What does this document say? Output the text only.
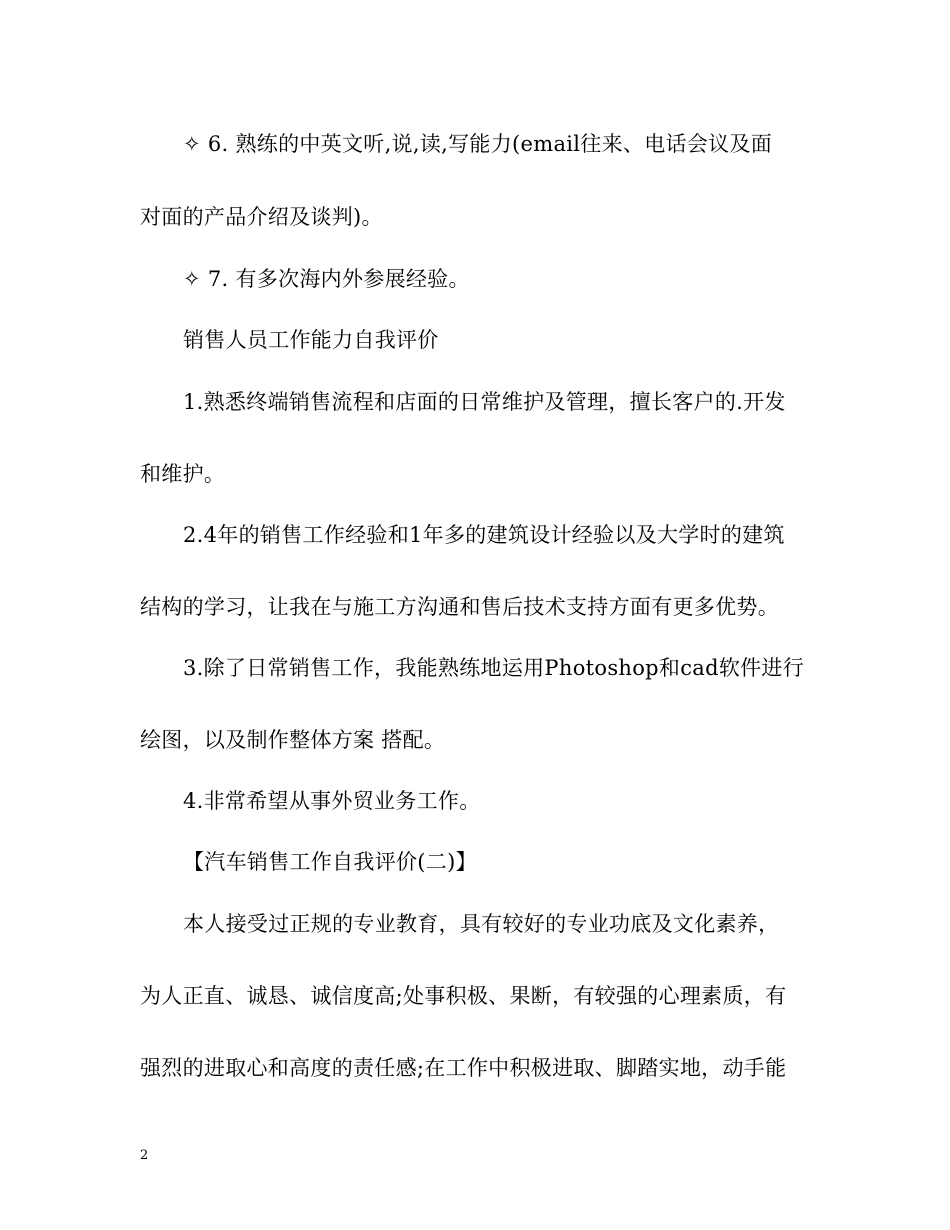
✧ 6. 熟练的中英文听,说,读,写能力(email往来、电话会议及面
对面的产品介绍及谈判)。
✧ 7. 有多次海内外参展经验。
销售人员工作能力自我评价
1.熟悉终端销售流程和店面的日常维护及管理，擅长客户的.开发
和维护。
2.4年的销售工作经验和1年多的建筑设计经验以及大学时的建筑
结构的学习，让我在与施工方沟通和售后技术支持方面有更多优势。
3.除了日常销售工作，我能熟练地运用Photoshop和cad软件进行
绘图，以及制作整体方案 搭配。
4.非常希望从事外贸业务工作。
【汽车销售工作自我评价(二)】
本人接受过正规的专业教育，具有较好的专业功底及文化素养，
为人正直、诚恳、诚信度高;处事积极、果断，有较强的心理素质，有
强烈的进取心和高度的责任感;在工作中积极进取、脚踏实地，动手能
2
